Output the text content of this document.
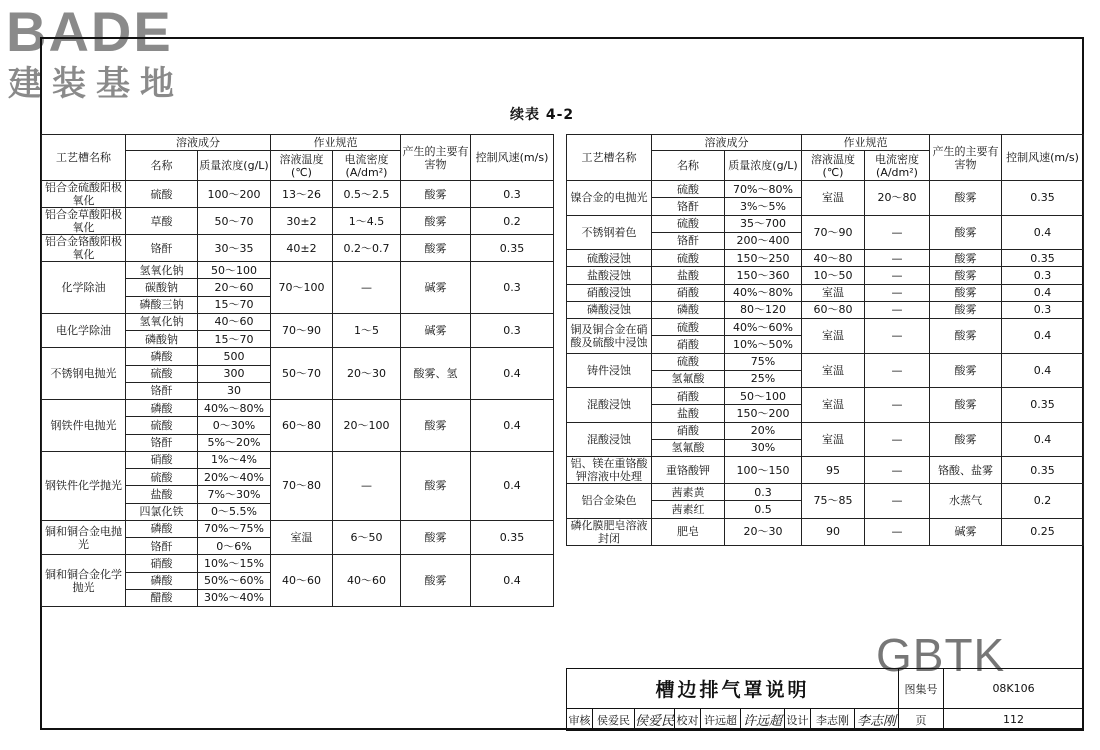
BADE
建装基地
续表 4-2
工艺槽名称	溶液成分		作业规范		产生的主要有害物	控制风速(m/s)
	名称	质量浓度(g/L)	溶液温度(℃)	电流密度(A/dm²)		
铝合金硫酸阳极氧化	硫酸	100～200	13～26	0.5～2.5	酸雾	0.3
铝合金草酸阳极氧化	草酸	50～70	30±2	1～4.5	酸雾	0.2
铝合金铬酸阳极氧化	铬酐	30～35	40±2	0.2～0.7	酸雾	0.35
化学除油	氢氧化钠	50～100	70～100	—	碱雾	0.3
	碳酸钠	20～60				
	磷酸三钠	15～70				
电化学除油	氢氧化钠	40～60	70～90	1～5	碱雾	0.3
	磷酸钠	15～70				
不锈钢电抛光	磷酸	500	50～70	20～30	酸雾、氢	0.4
	硫酸	300				
	铬酐	30				
钢铁件电抛光	磷酸	40%～80%	60～80	20～100	酸雾	0.4
	硫酸	0～30%				
	铬酐	5%～20%				
钢铁件化学抛光	硝酸	1%～4%	70～80	—	酸雾	0.4
	硫酸	20%～40%				
	盐酸	7%～30%				
	四氯化铁	0～5.5%				
铜和铜合金电抛光	磷酸	70%～75%	室温	6～50	酸雾	0.35
	铬酐	0～6%				
铜和铜合金化学抛光	硝酸	10%～15%	40～60	40～60	酸雾	0.4
	磷酸	50%～60%				
	醋酸	30%～40%				
工艺槽名称	溶液成分		作业规范		产生的主要有害物	控制风速(m/s)
	名称	质量浓度(g/L)	溶液温度(℃)	电流密度(A/dm²)		
镍合金的电抛光	硫酸	70%～80%	室温	20～80	酸雾	0.35
	铬酐	3%～5%				
不锈钢着色	硫酸	35～700	70～90	—	酸雾	0.4
	铬酐	200～400				
硫酸浸蚀	硫酸	150～250	40～80	—	酸雾	0.35
盐酸浸蚀	盐酸	150～360	10～50	—	酸雾	0.3
硝酸浸蚀	硝酸	40%～80%	室温	—	酸雾	0.4
磷酸浸蚀	磷酸	80～120	60～80	—	酸雾	0.3
铜及铜合金在硝酸及硫酸中浸蚀	硫酸	40%～60%	室温	—	酸雾	0.4
	硝酸	10%～50%				
铸件浸蚀	硫酸	75%	室温	—	酸雾	0.4
	氢氟酸	25%				
混酸浸蚀	硝酸	50～100	室温	—	酸雾	0.35
	盐酸	150～200				
混酸浸蚀	硝酸	20%	室温	—	酸雾	0.4
	氢氟酸	30%				
铝、镁在重铬酸钾溶液中处理	重铬酸钾	100～150	95	—	铬酸、盐雾	0.35
铝合金染色	茜素黄	0.3	75～85	—	水蒸气	0.2
	茜素红	0.5				
磷化膜肥皂溶液封闭	肥皂	20～30	90	—	碱雾	0.25
GBTK
槽边排气罩说明									图集号	08K106
审核	侯爱民	侯爱民	校对	许远超	许远超	设计	李志刚	李志刚	页	112
